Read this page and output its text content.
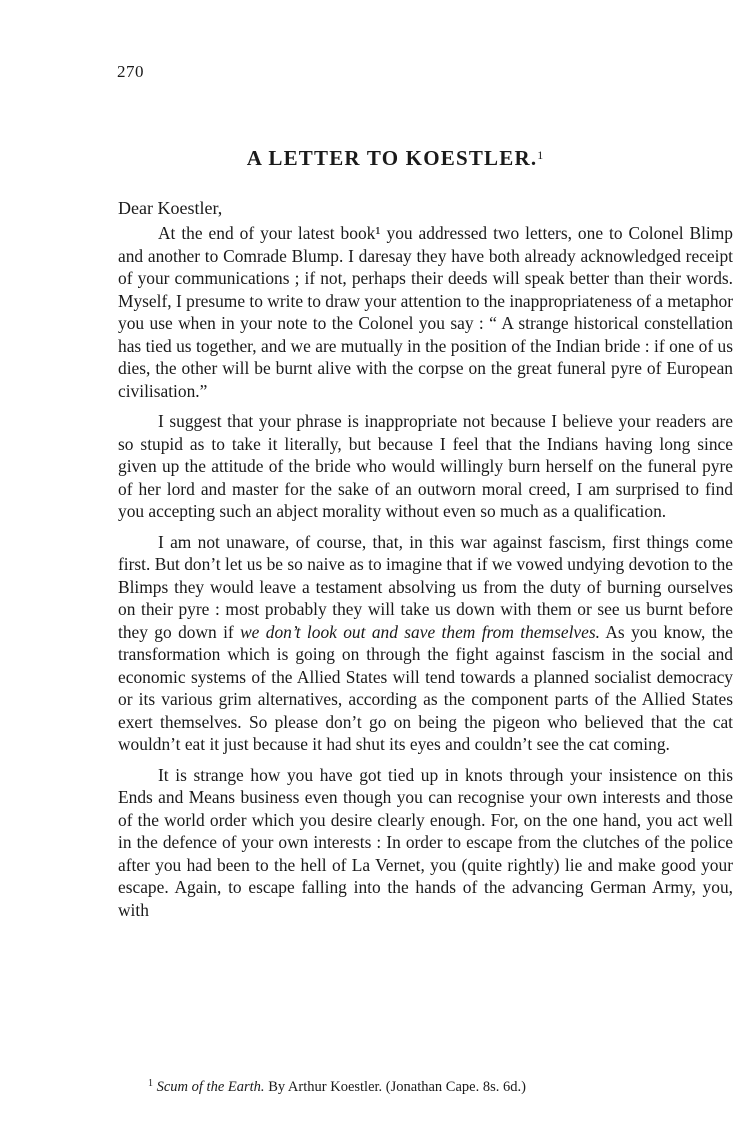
270
A LETTER TO KOESTLER.$^1$
Dear Koestler,

At the end of your latest book¹ you addressed two letters, one to Colonel Blimp and another to Comrade Blump. I daresay they have both already acknowledged receipt of your communications ; if not, perhaps their deeds will speak better than their words. Myself, I presume to write to draw your attention to the inappropriateness of a metaphor you use when in your note to the Colonel you say : “ A strange historical constellation has tied us together, and we are mutually in the position of the Indian bride : if one of us dies, the other will be burnt alive with the corpse on the great funeral pyre of European civilisation.”

I suggest that your phrase is inappropriate not because I believe your readers are so stupid as to take it literally, but because I feel that the Indians having long since given up the attitude of the bride who would willingly burn herself on the funeral pyre of her lord and master for the sake of an outworn moral creed, I am surprised to find you accepting such an abject morality without even so much as a qualification.

I am not unaware, of course, that, in this war against fascism, first things come first. But don’t let us be so naive as to imagine that if we vowed undying devotion to the Blimps they would leave a testament absolving us from the duty of burning ourselves on their pyre : most probably they will take us down with them or see us burnt before they go down if we don’t look out and save them from themselves. As you know, the transformation which is going on through the fight against fascism in the social and economic systems of the Allied States will tend towards a planned socialist democracy or its various grim alternatives, according as the component parts of the Allied States exert themselves. So please don’t go on being the pigeon who believed that the cat wouldn’t eat it just because it had shut its eyes and couldn’t see the cat coming.

It is strange how you have got tied up in knots through your insistence on this Ends and Means business even though you can recognise your own interests and those of the world order which you desire clearly enough. For, on the one hand, you act well in the defence of your own interests : In order to escape from the clutches of the police after you had been to the hell of La Vernet, you (quite rightly) lie and make good your escape. Again, to escape falling into the hands of the advancing German Army, you, with

$^1$ Scum of the Earth. By Arthur Koestler. (Jonathan Cape. 8s. 6d.)
